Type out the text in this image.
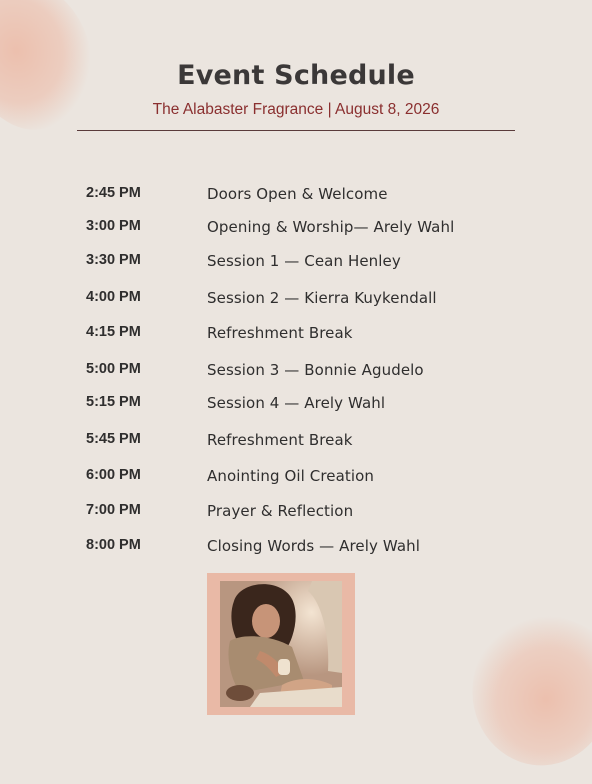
Event Schedule
The Alabaster Fragrance | August 8, 2026
2:45 PM	Doors Open & Welcome
3:00 PM	Opening & Worship— Arely Wahl
3:30 PM	Session 1 — Cean Henley
4:00 PM	Session 2 — Kierra Kuykendall
4:15 PM	Refreshment Break
5:00 PM	Session 3 — Bonnie Agudelo
5:15 PM	Session 4 — Arely Wahl
5:45 PM	Refreshment Break
6:00 PM	Anointing Oil Creation
7:00 PM	Prayer & Reflection
8:00 PM	Closing Words — Arely Wahl
